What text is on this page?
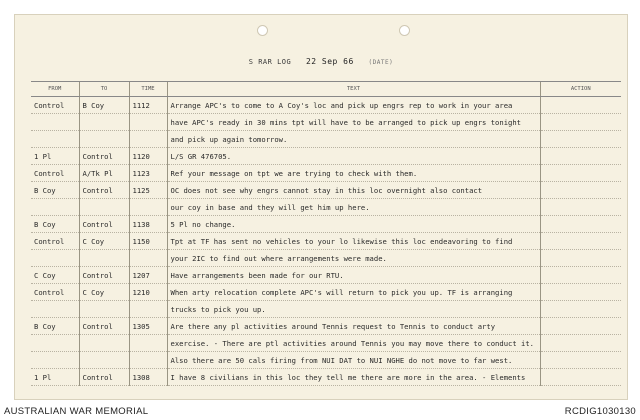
S RAR LOG 22 Sep 66 (DATE)
FROM	TO	TIME	TEXT	ACTION
Control	B Coy	1112	Arrange APC's to come to A Coy's loc and pick up engrs rep to work in your area	
			have APC's ready in 30 mins tpt will have to be arranged to pick up engrs tonight	
			and pick up again tomorrow.	
1 Pl	Control	1120	L/S GR 476705.	
Control	A/Tk Pl	1123	Ref your message on tpt we are trying to check with them.	
B Coy	Control	1125	OC does not see why engrs cannot stay in this loc overnight also contact	
			our coy in base and they will get him up here.	
B Coy	Control	1138	5 Pl no change.	
Control	C Coy	1150	Tpt at TF has sent no vehicles to your lo likewise this loc endeavoring to find	
			your 2IC to find out where arrangements were made.	
C Coy	Control	1207	Have arrangements been made for our RTU.	
Control	C Coy	1210	When arty relocation complete APC's will return to pick you up. TF is arranging	
			trucks to pick you up.	
B Coy	Control	1305	Are there any pl activities around Tennis request to Tennis to conduct arty	
			exercise. - There are ptl activities around Tennis you may move there to conduct it.	
			Also there are 50 cals firing from NUI DAT to NUI NGHE do not move to far west.	
1 Pl	Control	1308	I have 8 civilians in this loc they tell me there are more in the area. - Elements	
AUSTRALIAN WAR MEMORIAL	RCDIG1030130
